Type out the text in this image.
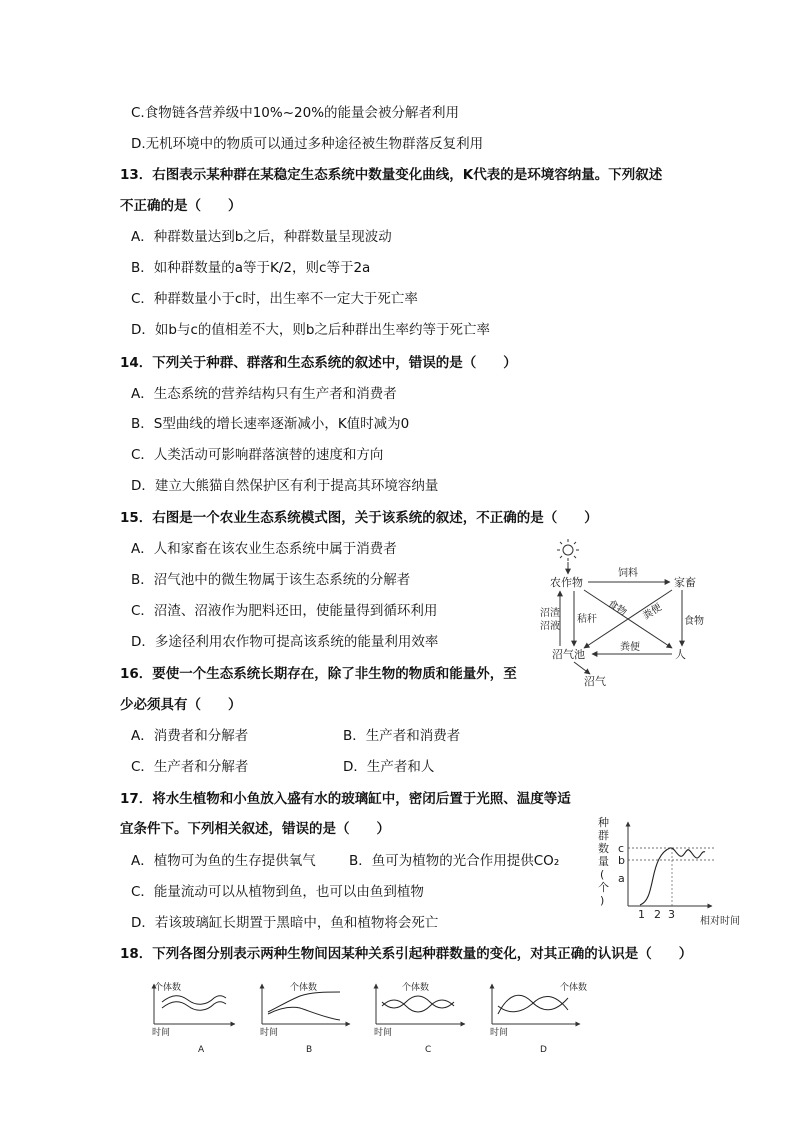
C.食物链各营养级中10%~20%的能量会被分解者利用
D.无机环境中的物质可以通过多种途径被生物群落反复利用
13．右图表示某种群在某稳定生态系统中数量变化曲线，K代表的是环境容纳量。下列叙述
不正确的是（　　）
A．种群数量达到b之后，种群数量呈现波动
B．如种群数量的a等于K/2，则c等于2a
C．种群数量小于c时，出生率不一定大于死亡率
D．如b与c的值相差不大，则b之后种群出生率约等于死亡率
14．下列关于种群、群落和生态系统的叙述中，错误的是（　　）
A．生态系统的营养结构只有生产者和消费者
B．S型曲线的增长速率逐渐减小，K值时减为0
C．人类活动可影响群落演替的速度和方向
D．建立大熊猫自然保护区有利于提高其环境容纳量
15．右图是一个农业生态系统模式图，关于该系统的叙述，不正确的是（　　）
A．人和家畜在该农业生态系统中属于消费者
B．沼气池中的微生物属于该生态系统的分解者
C．沼渣、沼液作为肥料还田，使能量得到循环利用
D．多途径利用农作物可提高该系统的能量利用效率
16．要使一个生态系统长期存在，除了非生物的物质和能量外，至
少必须具有（　　）
A．消费者和分解者	B．生产者和消费者
C．生产者和分解者	D．生产者和人
17．将水生植物和小鱼放入盛有水的玻璃缸中，密闭后置于光照、温度等适
宜条件下。下列相关叙述，错误的是（　　）
A．植物可为鱼的生存提供氧气 B．鱼可为植物的光合作用提供CO₂
C．能量流动可以从植物到鱼，也可以由鱼到植物
D．若该玻璃缸长期置于黑暗中，鱼和植物将会死亡
18．下列各图分别表示两种生物间因某种关系引起种群数量的变化，对其正确的认识是（　　）
农作物	家畜
沼气池	人
沼气
饲料
食物 粪便 食物
粪便
沼渣
沼液
秸秆
种
群
数
量
(
个
)
c
b
a
1 2 3
相对时间
个体数
时间
A
个体数
时间
B
个体数
时间
C
个体数
时间
D
